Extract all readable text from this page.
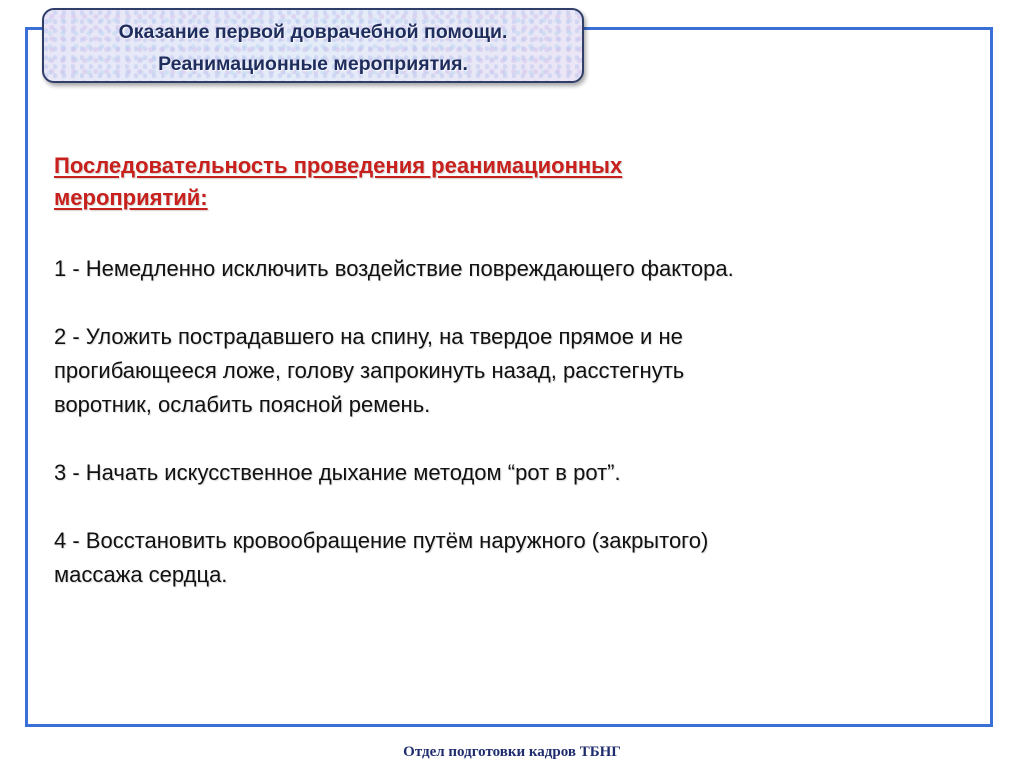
Оказание первой доврачебной помощи.
Реанимационные мероприятия.
Последовательность проведения реанимационных
мероприятий:
1 - Немедленно исключить воздействие повреждающего фактора.
2 - Уложить пострадавшего на спину, на твердое прямое и не
прогибающееся ложе, голову запрокинуть назад, расстегнуть
воротник, ослабить поясной ремень.
3 - Начать искусственное дыхание методом “рот в рот”.
4 - Восстановить кровообращение путём наружного (закрытого)
массажа сердца.
Отдел подготовки кадров ТБНГ
